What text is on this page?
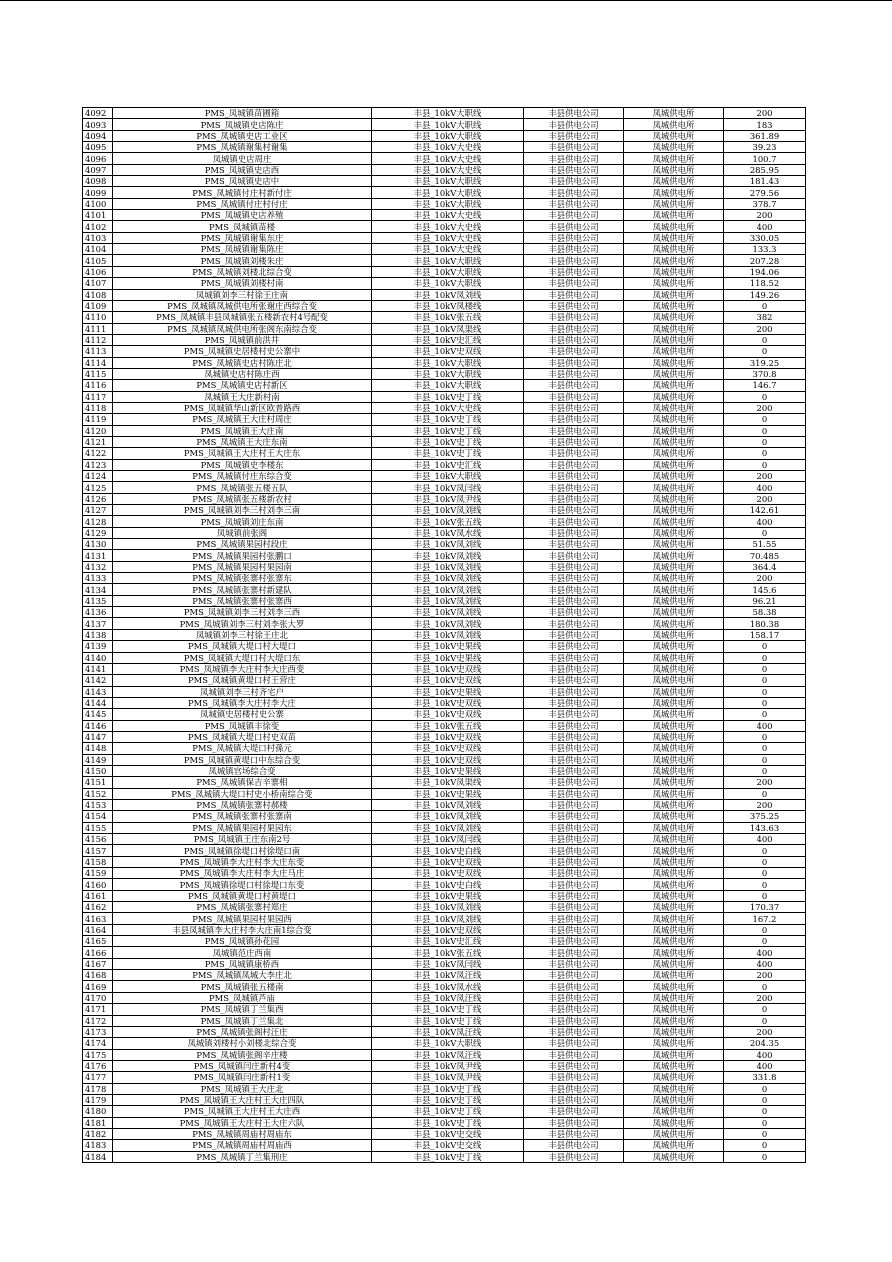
4092	PMS_凤城镇苗圃箱	丰县_10kV大职线	丰县供电公司	凤城供电所	200
4093	PMS_凤城镇史店陈庄	丰县_10kV大职线	丰县供电公司	凤城供电所	183
4094	PMS_凤城镇史店工业区	丰县_10kV大职线	丰县供电公司	凤城供电所	361.89
4095	PMS_凤城镇谢集村谢集	丰县_10kV大史线	丰县供电公司	凤城供电所	39.23
4096	凤城镇史店周庄	丰县_10kV大史线	丰县供电公司	凤城供电所	100.7
4097	PMS_凤城镇史店西	丰县_10kV大史线	丰县供电公司	凤城供电所	285.95
4098	PMS_凤城镇史店中	丰县_10kV大职线	丰县供电公司	凤城供电所	181.43
4099	PMS_凤城镇付庄村新付庄	丰县_10kV大职线	丰县供电公司	凤城供电所	279.56
4100	PMS_凤城镇付庄村付庄	丰县_10kV大职线	丰县供电公司	凤城供电所	378.7
4101	PMS_凤城镇史店养殖	丰县_10kV大史线	丰县供电公司	凤城供电所	200
4102	PMS_凤城镇苗楼	丰县_10kV大史线	丰县供电公司	凤城供电所	400
4103	PMS_凤城镇谢集东庄	丰县_10kV大史线	丰县供电公司	凤城供电所	330.05
4104	PMS_凤城镇谢集陈庄	丰县_10kV大史线	丰县供电公司	凤城供电所	133.3
4105	PMS_凤城镇刘楼朱庄	丰县_10kV大职线	丰县供电公司	凤城供电所	207.28
4106	PMS_凤城镇刘楼北综合变	丰县_10kV大职线	丰县供电公司	凤城供电所	194.06
4107	PMS_凤城镇刘楼村南	丰县_10kV大职线	丰县供电公司	凤城供电所	118.52
4108	凤城镇刘李三村徐王庄南	丰县_10kV凤刘线	丰县供电公司	凤城供电所	149.26
4109	PMS_凤城镇凤城供电所张谢庄西综合变	丰县_10kV凤楼线	丰县供电公司	凤城供电所	0
4110	PMS_凤城镇丰县凤城镇张五楼新农村4号配变	丰县_10kV张五线	丰县供电公司	凤城供电所	382
4111	PMS_凤城镇凤城供电所张阁东南综合变	丰县_10kV凤渠线	丰县供电公司	凤城供电所	200
4112	PMS_凤城镇前洪井	丰县_10kV史汇线	丰县供电公司	凤城供电所	0
4113	PMS_凤城镇史居楼村史公寨中	丰县_10kV史双线	丰县供电公司	凤城供电所	0
4114	PMS_凤城镇史店村陈庄北	丰县_10kV大职线	丰县供电公司	凤城供电所	319.25
4115	凤城镇史店村陈庄西	丰县_10kV大职线	丰县供电公司	凤城供电所	370.8
4116	PMS_凤城镇史店村新区	丰县_10kV大职线	丰县供电公司	凤城供电所	146.7
4117	凤城镇王大庄新村南	丰县_10kV史丁线	丰县供电公司	凤城供电所	0
4118	PMS_凤城镇华山新区欧普路西	丰县_10kV大史线	丰县供电公司	凤城供电所	200
4119	PMS_凤城镇王大庄村周庄	丰县_10kV史丁线	丰县供电公司	凤城供电所	0
4120	PMS_凤城镇王大庄南	丰县_10kV史丁线	丰县供电公司	凤城供电所	0
4121	PMS_凤城镇王大庄东南	丰县_10kV史丁线	丰县供电公司	凤城供电所	0
4122	PMS_凤城镇王大庄村王大庄东	丰县_10kV史丁线	丰县供电公司	凤城供电所	0
4123	PMS_凤城镇史李楼东	丰县_10kV史汇线	丰县供电公司	凤城供电所	0
4124	PMS_凤城镇付庄东综合变	丰县_10kV大职线	丰县供电公司	凤城供电所	200
4125	PMS_凤城镇张五楼五队	丰县_10kV凤闫线	丰县供电公司	凤城供电所	400
4126	PMS_凤城镇张五楼新农村	丰县_10kV凤尹线	丰县供电公司	凤城供电所	200
4127	PMS_凤城镇刘李三村刘李三南	丰县_10kV凤刘线	丰县供电公司	凤城供电所	142.61
4128	PMS_凤城镇刘庄东南	丰县_10kV张五线	丰县供电公司	凤城供电所	400
4129	凤城镇前张阁	丰县_10kV凤水线	丰县供电公司	凤城供电所	0
4130	PMS_凤城镇果园村段庄	丰县_10kV凤刘线	丰县供电公司	凤城供电所	51.55
4131	PMS_凤城镇果园村张鹏口	丰县_10kV凤刘线	丰县供电公司	凤城供电所	70.485
4132	PMS_凤城镇果园村果园南	丰县_10kV凤刘线	丰县供电公司	凤城供电所	364.4
4133	PMS_凤城镇张寨村张寨东	丰县_10kV凤刘线	丰县供电公司	凤城供电所	200
4134	PMS_凤城镇张寨村新建队	丰县_10kV凤刘线	丰县供电公司	凤城供电所	145.6
4135	PMS_凤城镇张寨村张寨西	丰县_10kV凤刘线	丰县供电公司	凤城供电所	96.21
4136	PMS_凤城镇刘李三村刘李三西	丰县_10kV凤刘线	丰县供电公司	凤城供电所	58.38
4137	PMS_凤城镇刘李三村刘李张大罗	丰县_10kV凤刘线	丰县供电公司	凤城供电所	180.38
4138	凤城镇刘李三村徐王庄北	丰县_10kV凤刘线	丰县供电公司	凤城供电所	158.17
4139	PMS_凤城镇大堤口村大堤口	丰县_10kV史果线	丰县供电公司	凤城供电所	0
4140	PMS_凤城镇大堤口村大堤口东	丰县_10kV史果线	丰县供电公司	凤城供电所	0
4141	PMS_凤城镇李大庄村李大庄西变	丰县_10kV史双线	丰县供电公司	凤城供电所	0
4142	PMS_凤城镇黄堤口村王营庄	丰县_10kV史双线	丰县供电公司	凤城供电所	0
4143	凤城镇刘李三村齐宅户	丰县_10kV史果线	丰县供电公司	凤城供电所	0
4144	PMS_凤城镇李大庄村李大庄	丰县_10kV史双线	丰县供电公司	凤城供电所	0
4145	凤城镇史居楼村史公寨	丰县_10kV史双线	丰县供电公司	凤城供电所	0
4146	PMS_凤城镇丰徐变	丰县_10kV张五线	丰县供电公司	凤城供电所	400
4147	PMS_凤城镇大堤口村史双苗	丰县_10kV史双线	丰县供电公司	凤城供电所	0
4148	PMS_凤城镇大堤口村孫元	丰县_10kV史双线	丰县供电公司	凤城供电所	0
4149	PMS_凤城镇黄堤口中东综合变	丰县_10kV史双线	丰县供电公司	凤城供电所	0
4150	凤城镇官场综合变	丰县_10kV史果线	丰县供电公司	凤城供电所	0
4151	PMS_凤城镇保吉辛寨相	丰县_10kV凤渠线	丰县供电公司	凤城供电所	200
4152	PMS_凤城镇大堤口村史小桥南综合变	丰县_10kV史果线	丰县供电公司	凤城供电所	0
4153	PMS_凤城镇张寨村郝楼	丰县_10kV凤刘线	丰县供电公司	凤城供电所	200
4154	PMS_凤城镇张寨村张寨南	丰县_10kV凤刘线	丰县供电公司	凤城供电所	375.25
4155	PMS_凤城镇果园村果园东	丰县_10kV凤刘线	丰县供电公司	凤城供电所	143.63
4156	PMS_凤城镇王庄东南2号	丰县_10kV凤闫线	丰县供电公司	凤城供电所	400
4157	PMS_凤城镇徐堤口村徐堤口南	丰县_10kV史白线	丰县供电公司	凤城供电所	0
4158	PMS_凤城镇李大庄村李大庄东变	丰县_10kV史双线	丰县供电公司	凤城供电所	0
4159	PMS_凤城镇李大庄村李大庄马庄	丰县_10kV史双线	丰县供电公司	凤城供电所	0
4160	PMS_凤城镇徐堤口村徐堤口东变	丰县_10kV史白线	丰县供电公司	凤城供电所	0
4161	PMS_凤城镇黄堤口村黄堤口	丰县_10kV史果线	丰县供电公司	凤城供电所	0
4162	PMS_凤城镇张寨村郑庄	丰县_10kV凤刘线	丰县供电公司	凤城供电所	170.37
4163	PMS_凤城镇果园村果园西	丰县_10kV凤刘线	丰县供电公司	凤城供电所	167.2
4164	丰县凤城镇李大庄村李大庄南1综合变	丰县_10kV史双线	丰县供电公司	凤城供电所	0
4165	PMS_凤城镇孙花园	丰县_10kV史汇线	丰县供电公司	凤城供电所	0
4166	凤城镇范庄西南	丰县_10kV张五线	丰县供电公司	凤城供电所	400
4167	PMS_凤城镇康桥西	丰县_10kV凤闫线	丰县供电公司	凤城供电所	400
4168	PMS_凤城镇凤城大李庄北	丰县_10kV凤汪线	丰县供电公司	凤城供电所	200
4169	PMS_凤城镇张五楼南	丰县_10kV凤水线	丰县供电公司	凤城供电所	0
4170	PMS_凤城镇芦庙	丰县_10kV凤汪线	丰县供电公司	凤城供电所	200
4171	PMS_凤城镇丁兰集西	丰县_10kV史丁线	丰县供电公司	凤城供电所	0
4172	PMS_凤城镇丁兰集北	丰县_10kV史丁线	丰县供电公司	凤城供电所	0
4173	PMS_凤城镇张阁村汪庄	丰县_10kV凤汪线	丰县供电公司	凤城供电所	200
4174	凤城镇刘楼村小刘楼北综合变	丰县_10kV大职线	丰县供电公司	凤城供电所	204.35
4175	PMS_凤城镇张阁辛庄楼	丰县_10kV凤汪线	丰县供电公司	凤城供电所	400
4176	PMS_凤城镇闫庄新村4变	丰县_10kV凤尹线	丰县供电公司	凤城供电所	400
4177	PMS_凤城镇闫庄新村1变	丰县_10kV凤尹线	丰县供电公司	凤城供电所	331.8
4178	PMS_凤城镇王大庄北	丰县_10kV史丁线	丰县供电公司	凤城供电所	0
4179	PMS_凤城镇王大庄村王大庄四队	丰县_10kV史丁线	丰县供电公司	凤城供电所	0
4180	PMS_凤城镇王大庄村王大庄西	丰县_10kV史丁线	丰县供电公司	凤城供电所	0
4181	PMS_凤城镇王大庄村王大庄六队	丰县_10kV史丁线	丰县供电公司	凤城供电所	0
4182	PMS_凤城镇周庙村周庙东	丰县_10kV史交线	丰县供电公司	凤城供电所	0
4183	PMS_凤城镇周庙村周庙西	丰县_10kV史交线	丰县供电公司	凤城供电所	0
4184	PMS_凤城镇丁兰集刑庄	丰县_10kV史丁线	丰县供电公司	凤城供电所	0
